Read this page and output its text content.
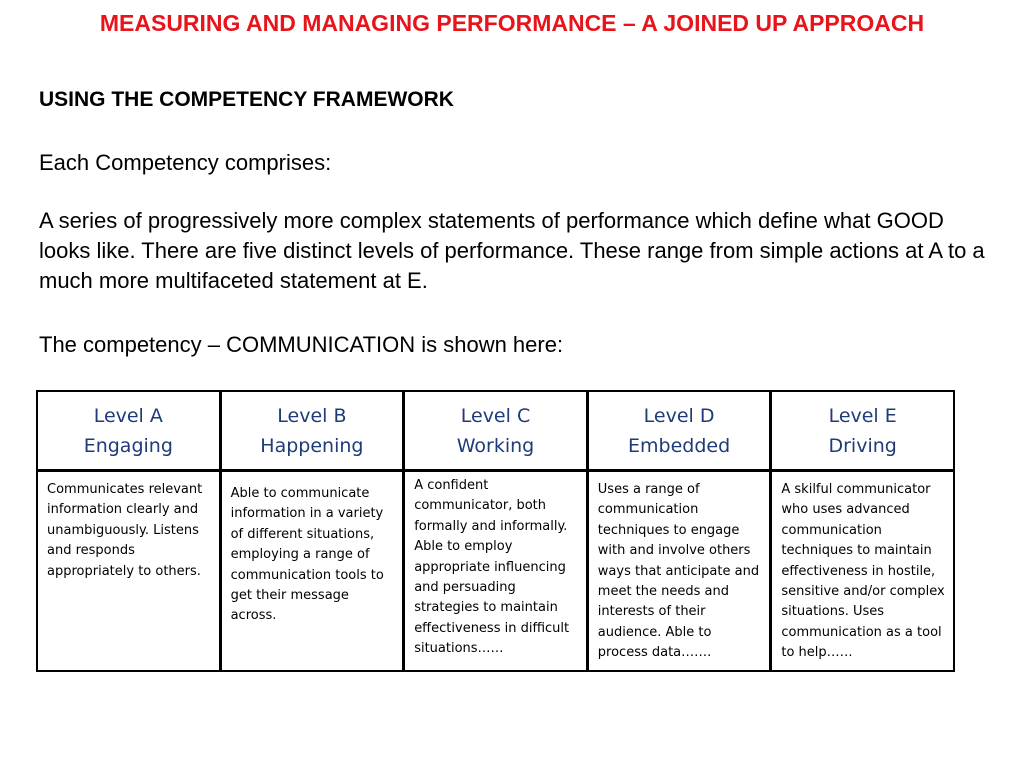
MEASURING AND MANAGING PERFORMANCE – A JOINED UP APPROACH
USING THE COMPETENCY FRAMEWORK
Each Competency comprises:
A series of progressively more complex statements of performance which define what GOOD looks like. There are five distinct levels of performance. These range from simple actions at A to a much more multifaceted statement at E.
The competency – COMMUNICATION is shown here:
Level A
Engaging
Communicates relevant information clearly and unambiguously. Listens and responds appropriately to others.
Level B
Happening
Able to communicate information in a variety of different situations, employing a range of communication tools to get their message across.
Level C
Working
A confident communicator, both formally and informally. Able to employ appropriate influencing and persuading strategies to maintain effectiveness in difficult situations……
Level D
Embedded
Uses a range of communication techniques to engage with and involve others ways that anticipate and meet the needs and interests of their audience. Able to process data…….
Level E
Driving
A skilful communicator who uses advanced communication techniques to maintain effectiveness in hostile, sensitive and/or complex situations. Uses communication as a tool to help……
